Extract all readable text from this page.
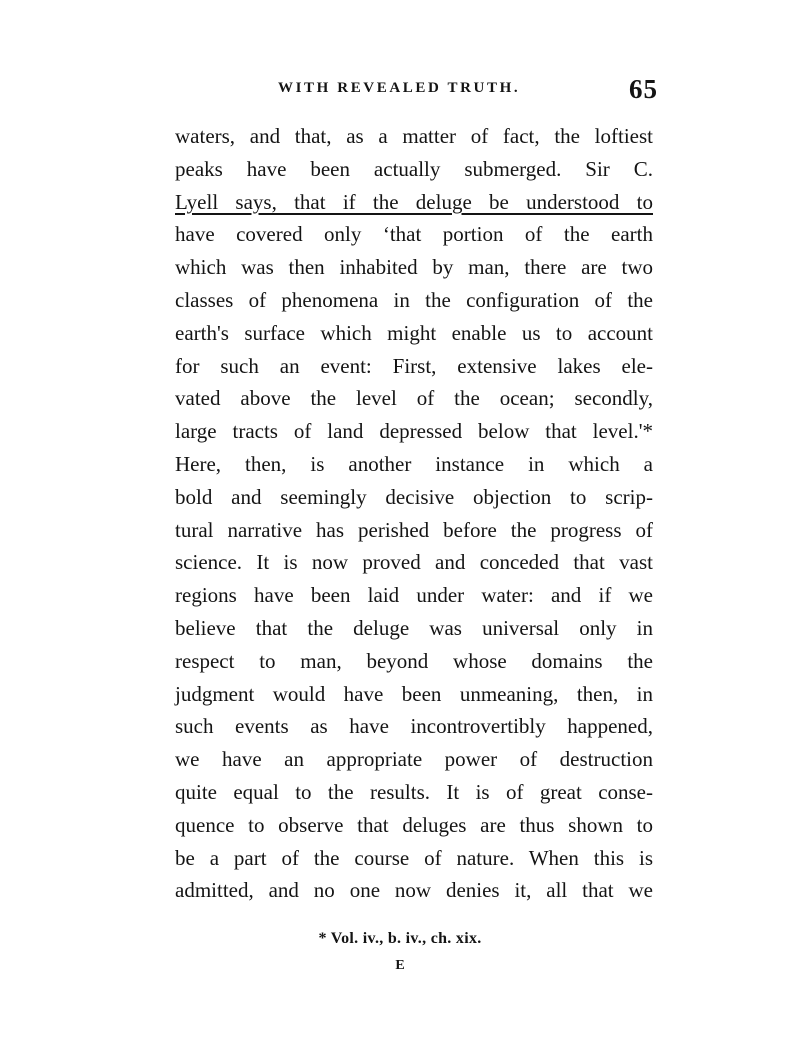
WITH REVEALED TRUTH.	65
waters, and that, as a matter of fact, the loftiest
peaks have been actually submerged. Sir C.
Lyell says, that if the deluge be understood to
have covered only ‘that portion of the earth
which was then inhabited by man, there are two
classes of phenomena in the configuration of the
earth's surface which might enable us to account
for such an event: First, extensive lakes ele-
vated above the level of the ocean; secondly,
large tracts of land depressed below that level.'*
Here, then, is another instance in which a
bold and seemingly decisive objection to scrip-
tural narrative has perished before the progress of
science. It is now proved and conceded that vast
regions have been laid under water: and if we
believe that the deluge was universal only in
respect to man, beyond whose domains the
judgment would have been unmeaning, then, in
such events as have incontrovertibly happened,
we have an appropriate power of destruction
quite equal to the results. It is of great conse-
quence to observe that deluges are thus shown to
be a part of the course of nature. When this is
admitted, and no one now denies it, all that we
* Vol. iv., b. iv., ch. xix.
E
